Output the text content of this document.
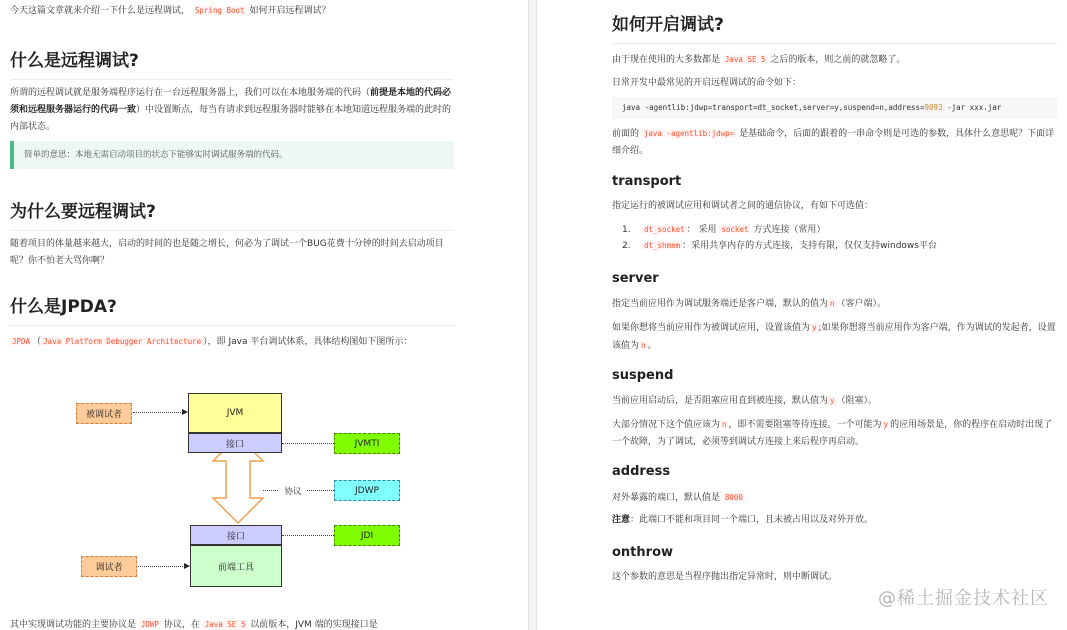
今天这篇文章就来介绍一下什么是远程调试， Spring Boot 如何开启远程调试？

什么是远程调试?

所谓的远程调试就是服务端程序运行在一台远程服务器上，我们可以在本地服务端的代码（前提是本地的代码必须和远程服务器运行的代码一致）中设置断点，每当有请求到远程服务器时能够在本地知道远程服务端的此时的内部状态。

简单的意思：本地无需启动项目的状态下能够实时调试服务端的代码。
为什么要远程调试?

随着项目的体量越来越大，启动的时间的也是随之增长，何必为了调试一个BUG花费十分钟的时间去启动项目呢？你不怕老大骂你啊？

什么是JPDA?

JPDA （ Java Platform Debugger Architecture ），即 Java 平台调试体系，具体结构图如下图所示：

被调试者	JVM
接口	JVMTI
协议	JDWP
接口	JDI
前端工具
调试者

其中实现调试功能的主要协议是 JDWP 协议，在 Java SE 5 以前版本，JVM 端的实现接口是

如何开启调试?

由于现在使用的大多数都是 Java SE 5 之后的版本，则之前的就忽略了。

日常开发中最常见的开启远程调试的命令如下：

java -agentlib:jdwp=transport=dt_socket,server=y,suspend=n,address=9093 -jar xxx.jar

前面的 java -agentlib:jdwp= 是基础命令，后面的跟着的一串命令则是可选的参数，具体什么意思呢？下面详细介绍。

transport

指定运行的被调试应用和调试者之间的通信协议，有如下可选值：

1. dt_socket ： 采用 socket 方式连接（常用）
2. dt_shmem ：采用共享内存的方式连接，支持有限，仅仅支持windows平台
server

指定当前应用作为调试服务端还是客户端，默认的值为 n （客户端）。

如果你想将当前应用作为被调试应用，设置该值为 y ;如果你想将当前应用作为客户端，作为调试的发起者，设置该值为 n 。

suspend

当前应用启动后，是否阻塞应用直到被连接，默认值为 y （阻塞）。

大部分情况下这个值应该为 n ，即不需要阻塞等待连接。一个可能为 y 的应用场景是，你的程序在启动时出现了一个故障，为了调试，必须等到调试方连接上来后程序再启动。

address

对外暴露的端口，默认值是 8000

注意：此端口不能和项目同一个端口，且未被占用以及对外开放。

onthrow

这个参数的意思是当程序抛出指定异常时，则中断调试。

@稀土掘金技术社区
